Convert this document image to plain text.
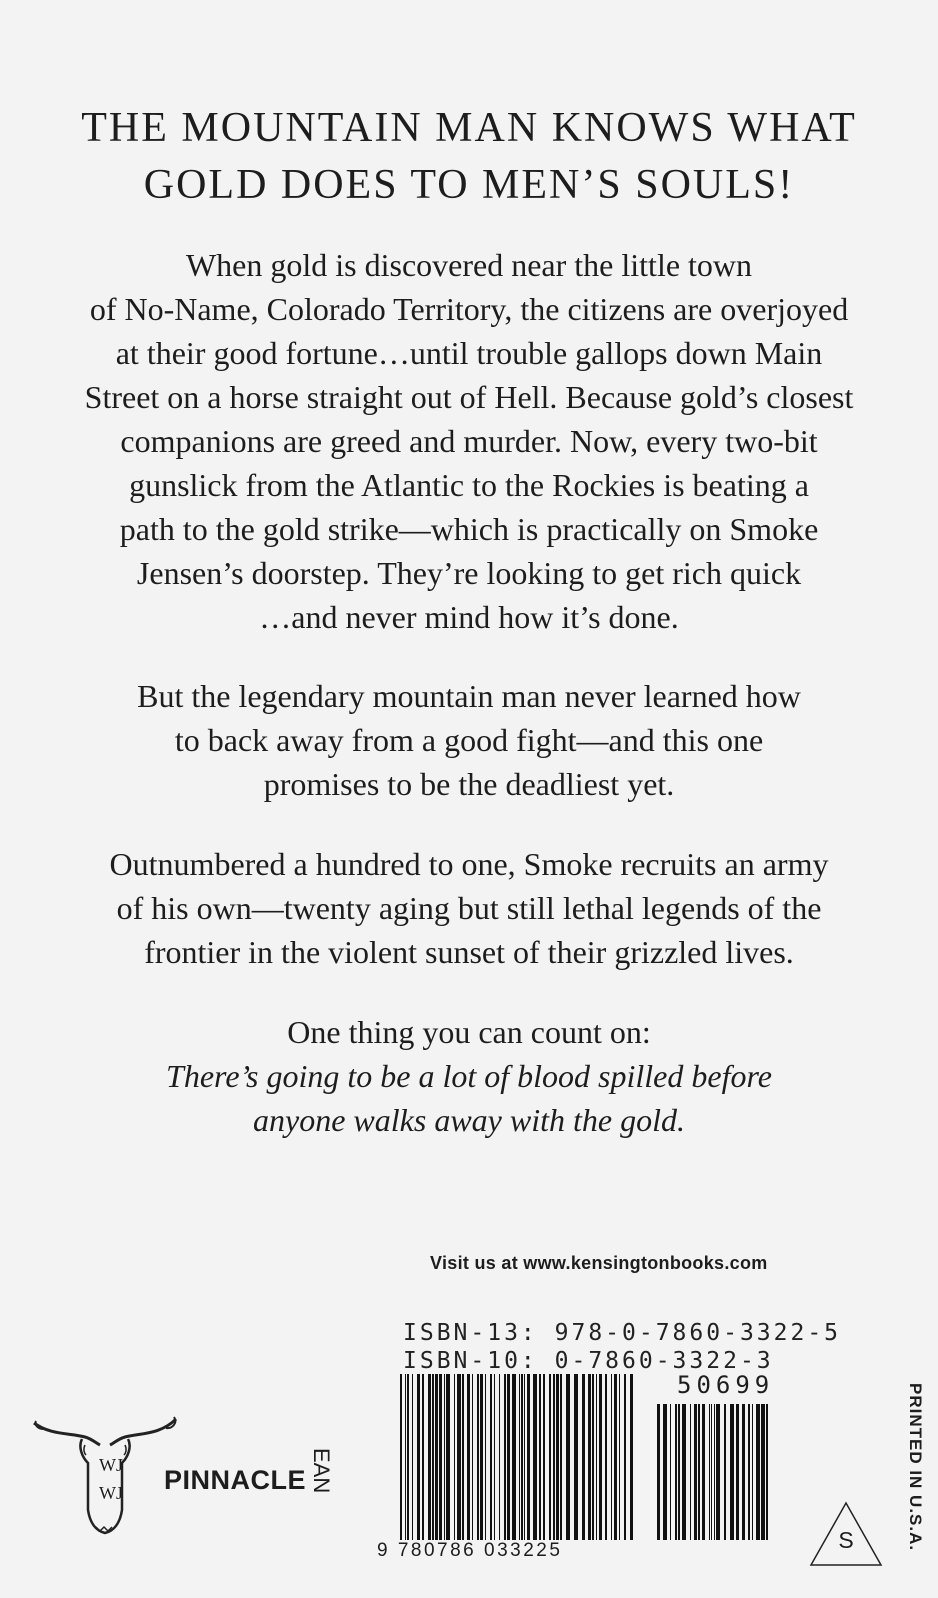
THE MOUNTAIN MAN KNOWS WHAT
GOLD DOES TO MEN’S SOULS!
When gold is discovered near the little town
of No-Name, Colorado Territory, the citizens are overjoyed
at their good fortune…until trouble gallops down Main
Street on a horse straight out of Hell. Because gold’s closest
companions are greed and murder. Now, every two-bit
gunslick from the Atlantic to the Rockies is beating a
path to the gold strike—which is practically on Smoke
Jensen’s doorstep. They’re looking to get rich quick
…and never mind how it’s done.
But the legendary mountain man never learned how
to back away from a good fight—and this one
promises to be the deadliest yet.
Outnumbered a hundred to one, Smoke recruits an army
of his own—twenty aging but still lethal legends of the
frontier in the violent sunset of their grizzled lives.
One thing you can count on:
There’s going to be a lot of blood spilled before
anyone walks away with the gold.
Visit us at www.kensingtonbooks.com
ISBN-13: 978-0-7860-3322-5
ISBN-10: 0-7860-3322-3
50699
9 780786 033225
EAN	PRINTED IN U.S.A.
WJ
WJ PINNACLE
S
